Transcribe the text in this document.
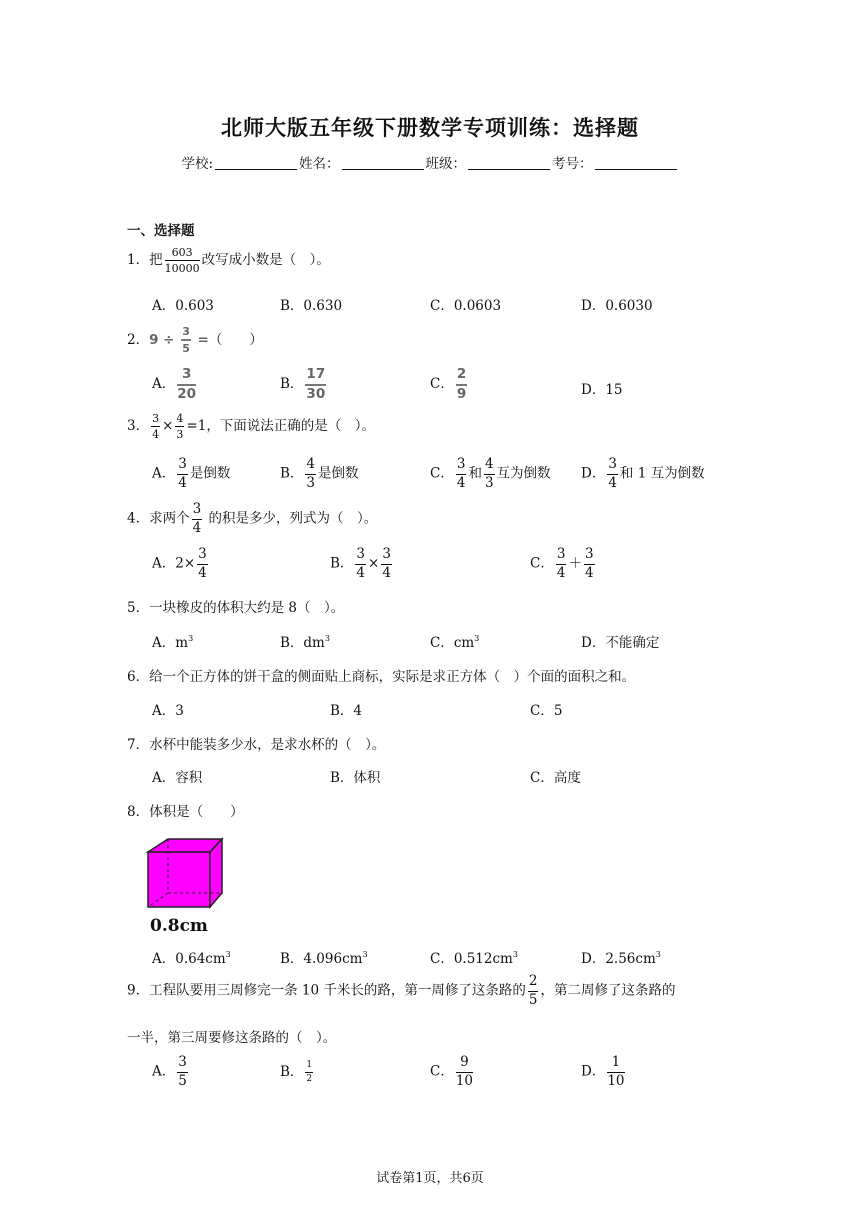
北师大版五年级下册数学专项训练：选择题
学校:	姓名：	班级：	考号：
一、选择题
1．把 $\frac{603}{10000}$ 改写成小数是（　）。
A．0.603	B．0.630	C．0.0603	D．0.6030
2．$9 \div \frac{3}{5}$ =（　　）
A． $\frac{3}{20}$	B． $\frac{17}{30}$	C． $\frac{2}{9}$	D．15
3． $\frac{3}{4} \times \frac{4}{3} =1$，下面说法正确的是（　）。
A． $\frac{3}{4}$ 是倒数	B． $\frac{4}{3}$ 是倒数	C． $\frac{3}{4}$ 和 $\frac{4}{3}$ 互为倒数 D． $\frac{3}{4}$ 和 1 互为倒数
4．求两个 $\frac{3}{4}$ 的积是多少，列式为（　）。
A．$2\times \frac{3}{4}$	B． $\frac{3}{4} \times \frac{3}{4}$	C． $\frac{3}{4} + \frac{3}{4}$
5．一块橡皮的体积大约是 8（　）。
A．$m^3$	B．$dm^3$	C．$cm^3$	D．不能确定
6．给一个正方体的饼干盒的侧面贴上商标，实际是求正方体（　）个面的面积之和。
A．3	B．4	C．5
7．水杯中能装多少水，是求水杯的（　）。
A．容积	B．体积	C．高度
8．体积是（　　）
0.8cm
A．$0.64cm^3$	B．$4.096cm^3$	C．$0.512cm^3$	D．$2.56cm^3$
9．工程队要用三周修完一条 10 千米长的路，第一周修了这条路的 $\frac{2}{5}$ ，第二周修了这条路的
一半，第三周要修这条路的（　）。
A． $\frac{3}{5}$	B． $\frac{1}{2}$	C． $\frac{9}{10}$	D． $\frac{1}{10}$
试卷第1页，共6页
